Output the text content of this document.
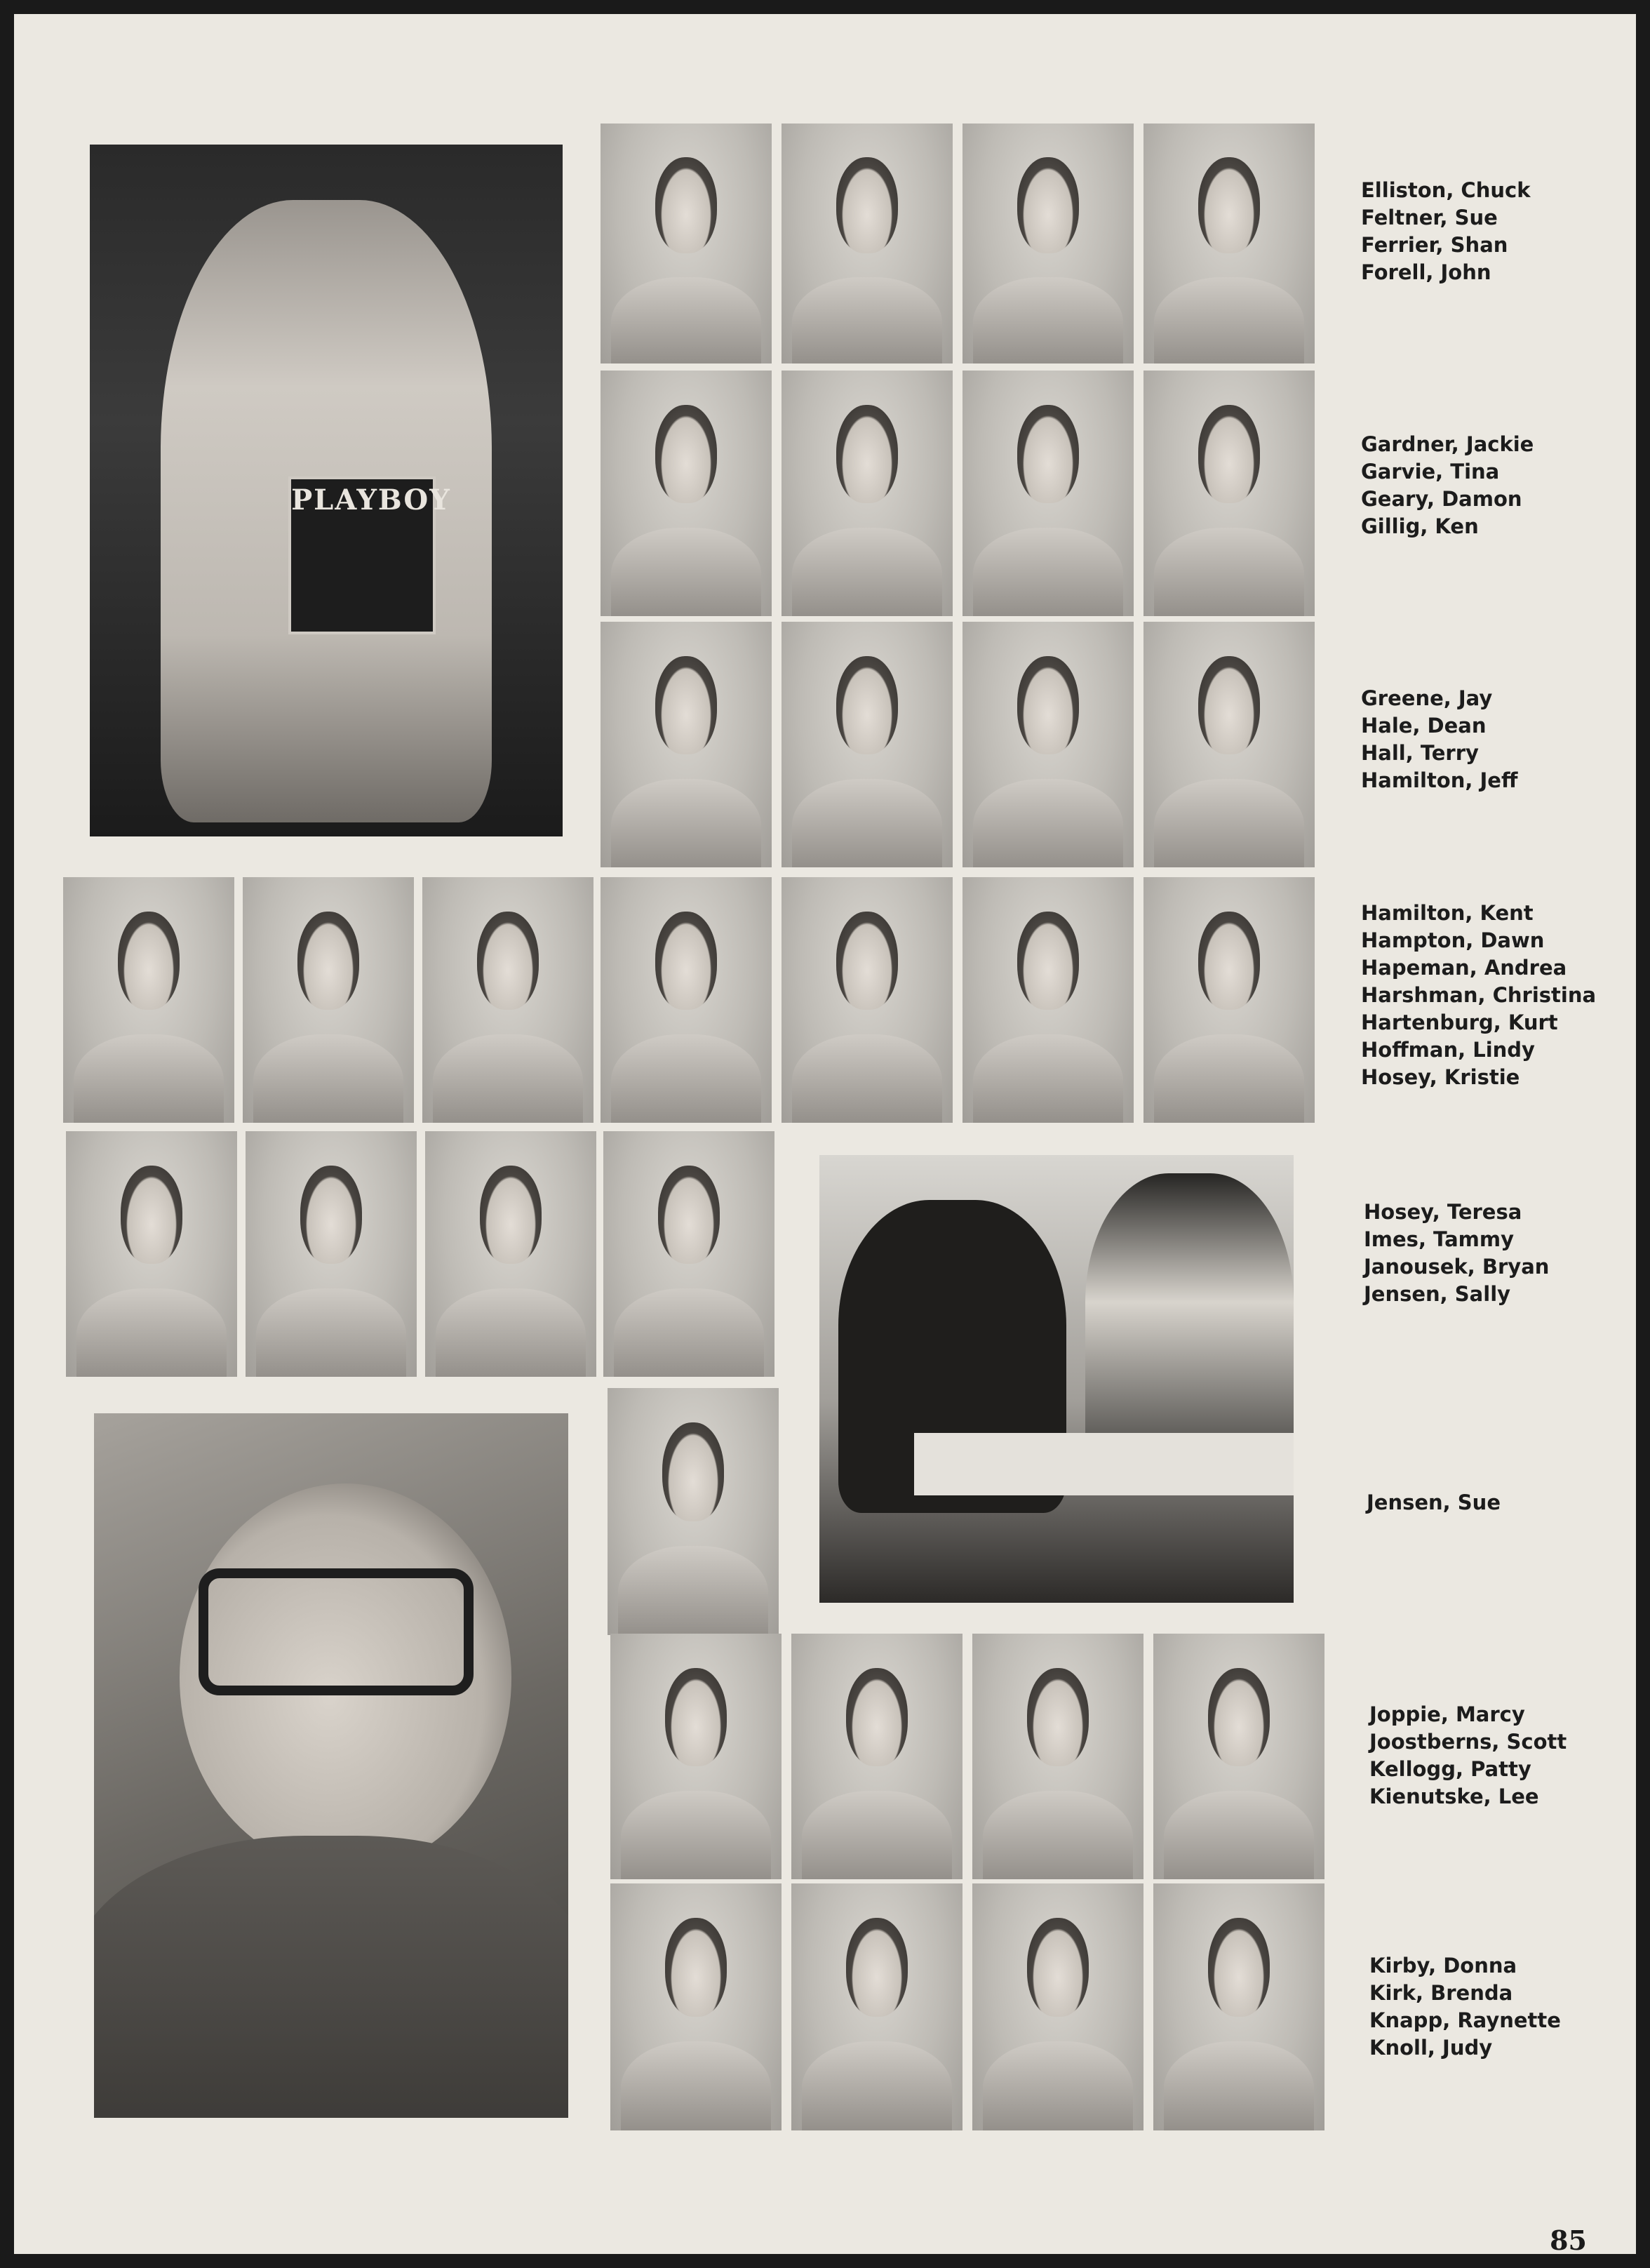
PLAYBOY
Elliston, Chuck
Feltner, Sue
Ferrier, Shan
Forell, John
Gardner, Jackie
Garvie, Tina
Geary, Damon
Gillig, Ken
Greene, Jay
Hale, Dean
Hall, Terry
Hamilton, Jeff
Hamilton, Kent
Hampton, Dawn
Hapeman, Andrea
Harshman, Christina
Hartenburg, Kurt
Hoffman, Lindy
Hosey, Kristie
Hosey, Teresa
Imes, Tammy
Janousek, Bryan
Jensen, Sally
Jensen, Sue
Joppie, Marcy
Joostberns, Scott
Kellogg, Patty
Kienutske, Lee
Kirby, Donna
Kirk, Brenda
Knapp, Raynette
Knoll, Judy

85
